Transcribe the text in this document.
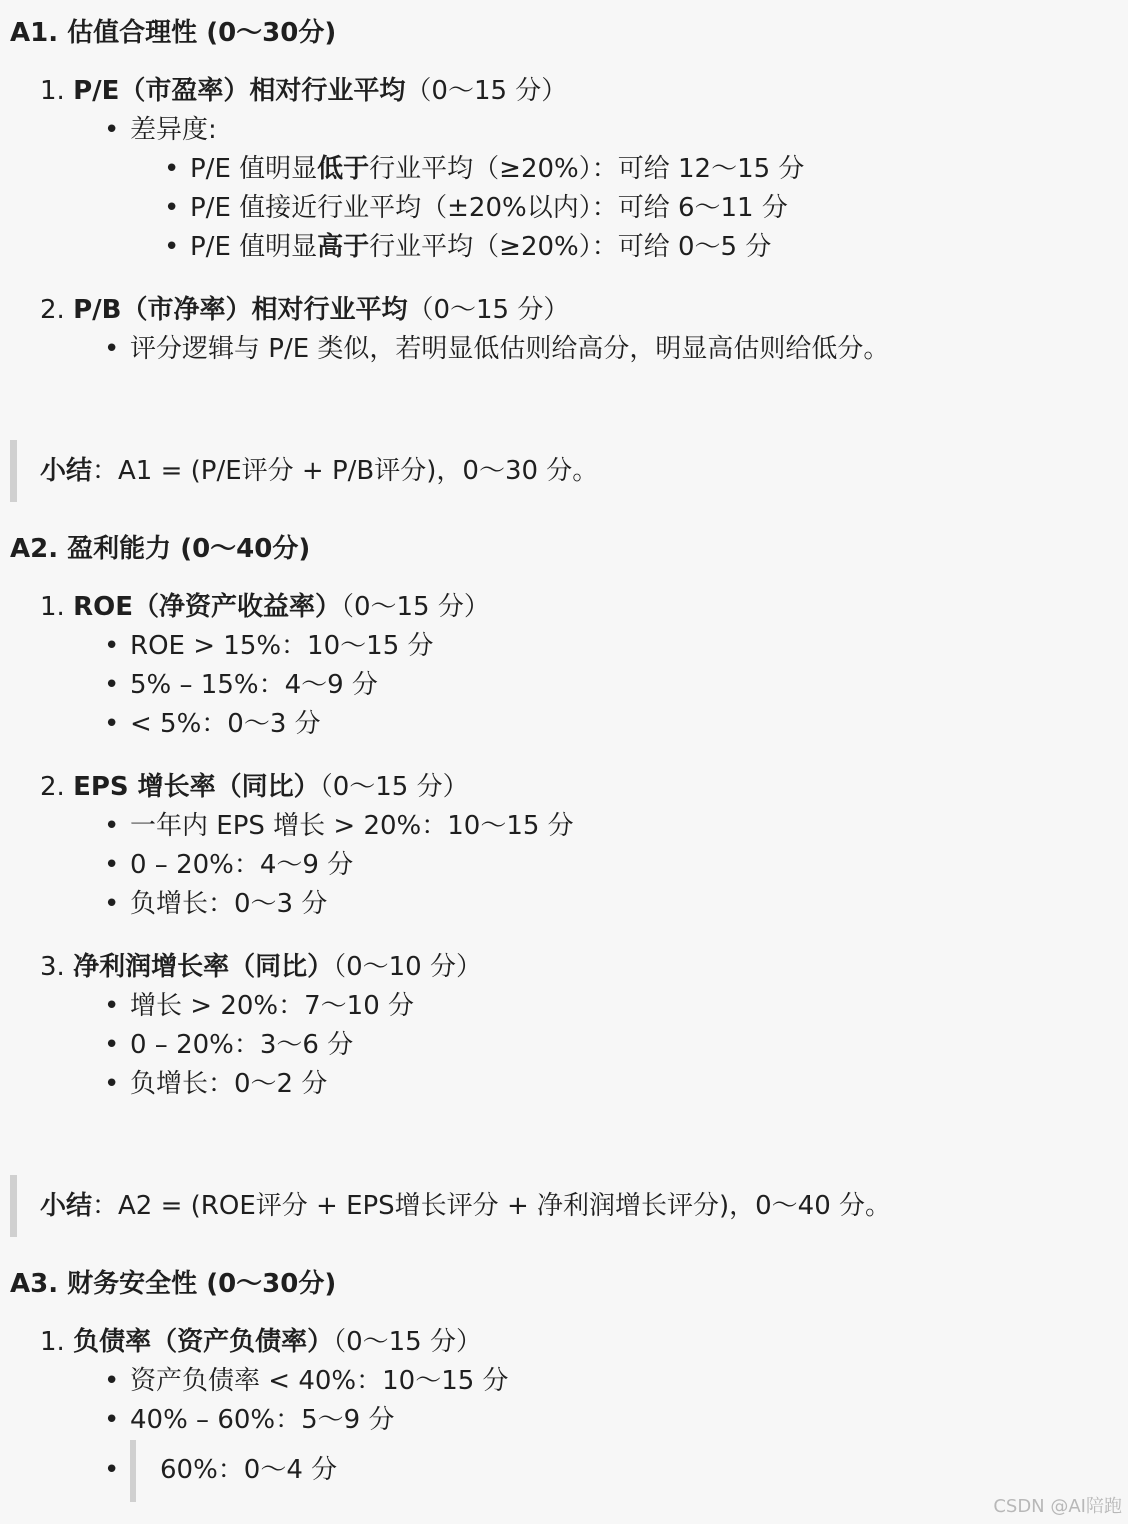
A1. 估值合理性 (0～30分)
1. P/E（市盈率）相对行业平均（0～15 分）
• 差异度:
• P/E 值明显低于行业平均（≥20%）：可给 12～15 分
• P/E 值接近行业平均（±20%以内）：可给 6～11 分
• P/E 值明显高于行业平均（≥20%）：可给 0～5 分
2. P/B（市净率）相对行业平均（0～15 分）
• 评分逻辑与 P/E 类似，若明显低估则给高分，明显高估则给低分。
小结：A1 = (P/E评分 + P/B评分)，0～30 分。
A2. 盈利能力 (0～40分)
1. ROE（净资产收益率）（0～15 分）
• ROE > 15%：10～15 分
• 5% – 15%：4～9 分
• < 5%：0～3 分
2. EPS 增长率（同比）（0～15 分）
• 一年内 EPS 增长 > 20%：10～15 分
• 0 – 20%：4～9 分
• 负增长：0～3 分
3. 净利润增长率（同比）（0～10 分）
• 增长 > 20%：7～10 分
• 0 – 20%：3～6 分
• 负增长：0～2 分
小结：A2 = (ROE评分 + EPS增长评分 + 净利润增长评分)，0～40 分。
A3. 财务安全性 (0～30分)
1. 负债率（资产负债率）（0～15 分）
• 资产负债率 < 40%：10～15 分
• 40% – 60%：5～9 分
• 60%：0～4 分
CSDN @AI陪跑
